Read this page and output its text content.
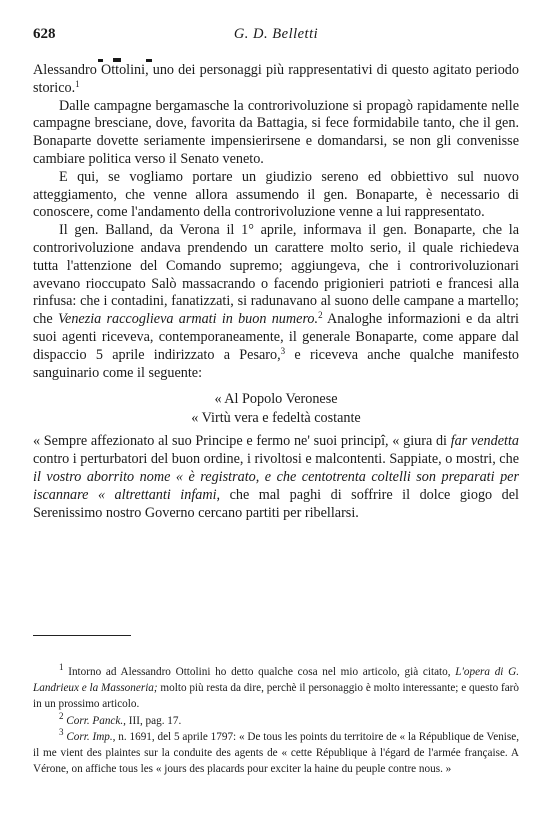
628	G. D. Belletti

Alessandro Ottolini, uno dei personaggi più rappresentativi di questo agitato periodo storico.$^1$

Dalle campagne bergamasche la controrivoluzione si propagò rapidamente nelle campagne bresciane, dove, favorita da Battagia, si fece formidabile tanto, che il gen. Bonaparte dovette seriamente impensierirsene e domandarsi, se non gli convenisse cambiare politica verso il Senato veneto.

E qui, se vogliamo portare un giudizio sereno ed obbiettivo sul nuovo atteggiamento, che venne allora assumendo il gen. Bonaparte, è necessario di conoscere, come l'andamento della controrivoluzione venne a lui rappresentato.

Il gen. Balland, da Verona il 1° aprile, informava il gen. Bonaparte, che la controrivoluzione andava prendendo un carattere molto serio, il quale richiedeva tutta l'attenzione del Comando supremo; aggiungeva, che i controrivoluzionari avevano rioccupato Salò massacrando o facendo prigionieri patrioti e francesi alla rinfusa: che i contadini, fanatizzati, si radunavano al suono delle campane a martello; che Venezia raccoglieva armati in buon numero.$^2$ Analoghe informazioni e da altri suoi agenti riceveva, contemporaneamente, il generale Bonaparte, come appare dal dispaccio 5 aprile indirizzato a Pesaro,$^3$ e riceveva anche qualche manifesto sanguinario come il seguente:

« Al Popolo Veronese
« Virtù vera e fedeltà costante

« Sempre affezionato al suo Principe e fermo ne' suoi principî, « giura di far vendetta contro i perturbatori del buon ordine, i rivoltosi e malcontenti. Sappiate, o mostri, che il vostro aborrito nome « è registrato, e che centotrenta coltelli son preparati per iscannare « altrettanti infami, che mal paghi di soffrire il dolce giogo del Serenissimo nostro Governo cercano partiti per ribellarsi.

$^1$ Intorno ad Alessandro Ottolini ho detto qualche cosa nel mio articolo, già citato, L'opera di G. Landrieux e la Massoneria; molto più resta da dire, perchè il personaggio è molto interessante; e questo farò in un prossimo articolo.

$^2$ Corr. Panck., III, pag. 17.

$^3$ Corr. Imp., n. 1691, del 5 aprile 1797: « De tous les points du territoire de « la République de Venise, il me vient des plaintes sur la conduite des agents de « cette République à l'égard de l'armée française. A Vérone, on affiche tous les « jours des placards pour exciter la haine du peuple contre nous. »
